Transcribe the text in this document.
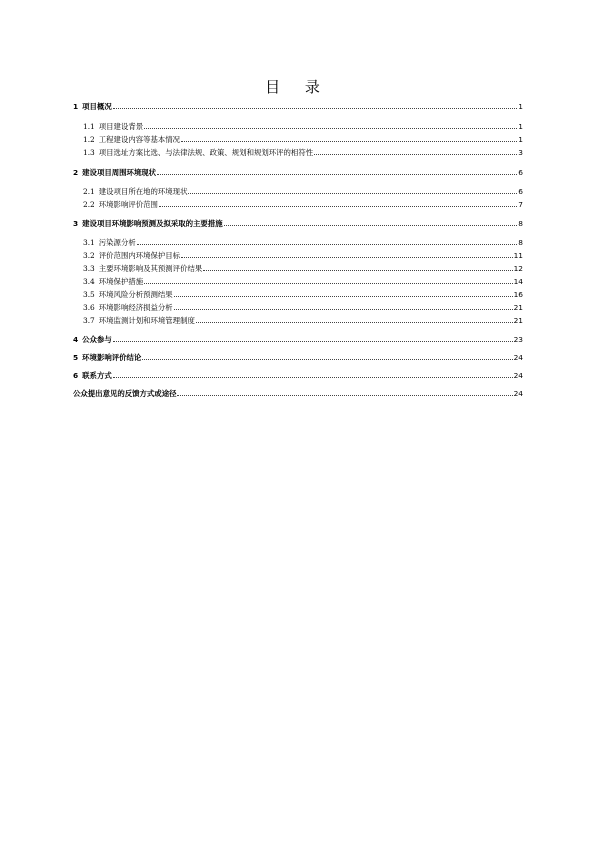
目 录
1 项目概况	1
1.1 项目建设背景	1
1.2 工程建设内容等基本情况	1
1.3 项目选址方案比选、与法律法规、政策、规划和规划环评的相符性	3
2 建设项目周围环境现状	6
2.1 建设项目所在地的环境现状	6
2.2 环境影响评价范围	7
3 建设项目环境影响预测及拟采取的主要措施	8
3.1 污染源分析	8
3.2 评价范围内环境保护目标	11
3.3 主要环境影响及其预测评价结果	12
3.4 环境保护措施	14
3.5 环境风险分析预测结果	16
3.6 环境影响经济损益分析	21
3.7 环境监测计划和环境管理制度	21
4 公众参与	23
5 环境影响评价结论	24
6 联系方式	24
公众提出意见的反馈方式或途径	24
